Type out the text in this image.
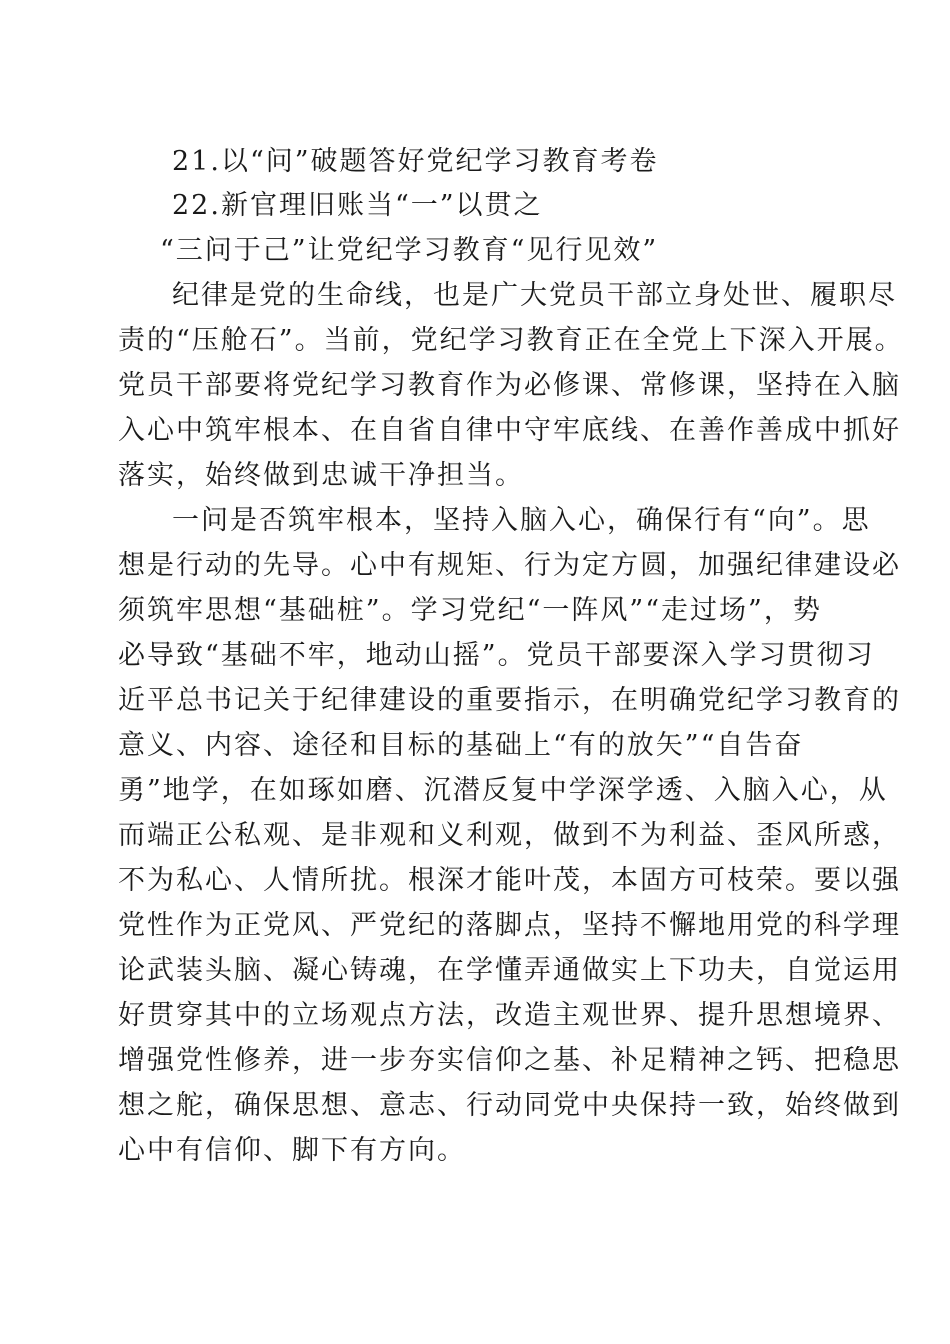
21.以“问”破题答好党纪学习教育考卷
22.新官理旧账当“一”以贯之
“三问于己”让党纪学习教育“见行见效”
纪律是党的生命线，也是广大党员干部立身处世、履职尽
责的“压舱石”。当前，党纪学习教育正在全党上下深入开展。
党员干部要将党纪学习教育作为必修课、常修课，坚持在入脑
入心中筑牢根本、在自省自律中守牢底线、在善作善成中抓好
落实，始终做到忠诚干净担当。
一问是否筑牢根本，坚持入脑入心，确保行有“向”。思
想是行动的先导。心中有规矩、行为定方圆，加强纪律建设必
须筑牢思想“基础桩”。学习党纪“一阵风”“走过场”，势
必导致“基础不牢，地动山摇”。党员干部要深入学习贯彻习
近平总书记关于纪律建设的重要指示，在明确党纪学习教育的
意义、内容、途径和目标的基础上“有的放矢”“自告奋
勇”地学，在如琢如磨、沉潜反复中学深学透、入脑入心，从
而端正公私观、是非观和义利观，做到不为利益、歪风所惑，
不为私心、人情所扰。根深才能叶茂，本固方可枝荣。要以强
党性作为正党风、严党纪的落脚点，坚持不懈地用党的科学理
论武装头脑、凝心铸魂，在学懂弄通做实上下功夫，自觉运用
好贯穿其中的立场观点方法，改造主观世界、提升思想境界、
增强党性修养，进一步夯实信仰之基、补足精神之钙、把稳思
想之舵，确保思想、意志、行动同党中央保持一致，始终做到
心中有信仰、脚下有方向。
